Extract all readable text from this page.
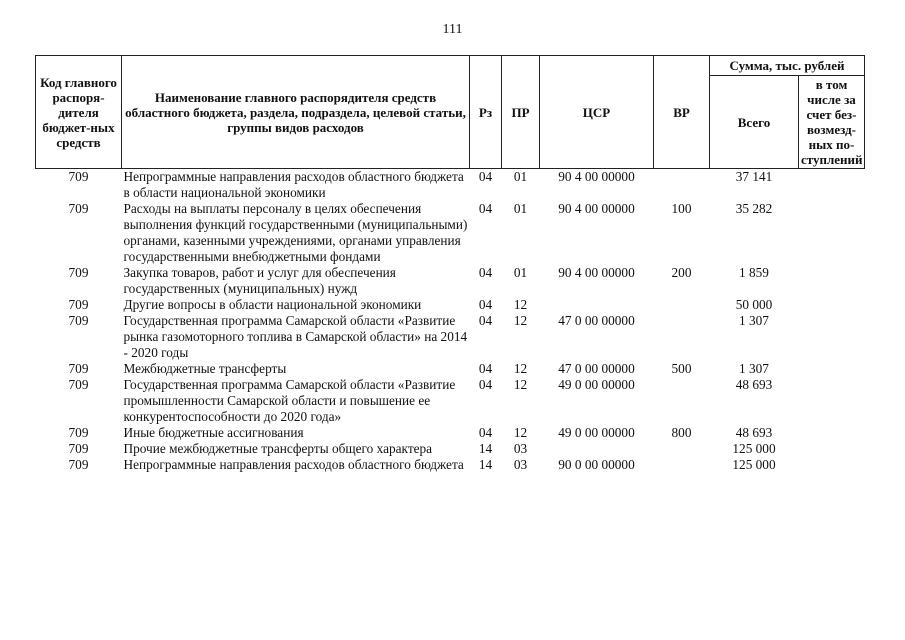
111
Код главного распоря-дителя бюджет-ных средств	Наименование главного распорядителя средств областного бюджета, раздела, подраздела, целевой статьи, группы видов расходов	Рз	ПР	ЦСР	ВР	Сумма, тыс. рублей	
						Всего	в том числе за счет без-возмезд-ных по-ступлений
709	Непрограммные направления расходов областного бюджета в области национальной экономики	04	01	90 4 00 00000		37 141	
709	Расходы на выплаты персоналу в целях обеспечения выполнения функций государственными (муниципальными) органами, казенными учреждениями, органами управления государственными внебюджетными фондами	04	01	90 4 00 00000	100	35 282	
709	Закупка товаров, работ и услуг для обеспечения государственных (муниципальных) нужд	04	01	90 4 00 00000	200	1 859	
709	Другие вопросы в области национальной экономики	04	12			50 000	
709	Государственная программа Самарской области «Развитие рынка газомоторного топлива в Самарской области» на 2014 - 2020 годы	04	12	47 0 00 00000		1 307	
709	Межбюджетные трансферты	04	12	47 0 00 00000	500	1 307	
709	Государственная программа Самарской области «Развитие промышленности Самарской области и повышение ее конкурентоспособности до 2020 года»	04	12	49 0 00 00000		48 693	
709	Иные бюджетные ассигнования	04	12	49 0 00 00000	800	48 693	
709	Прочие межбюджетные трансферты общего характера	14	03			125 000	
709	Непрограммные направления расходов областного бюджета	14	03	90 0 00 00000		125 000	
